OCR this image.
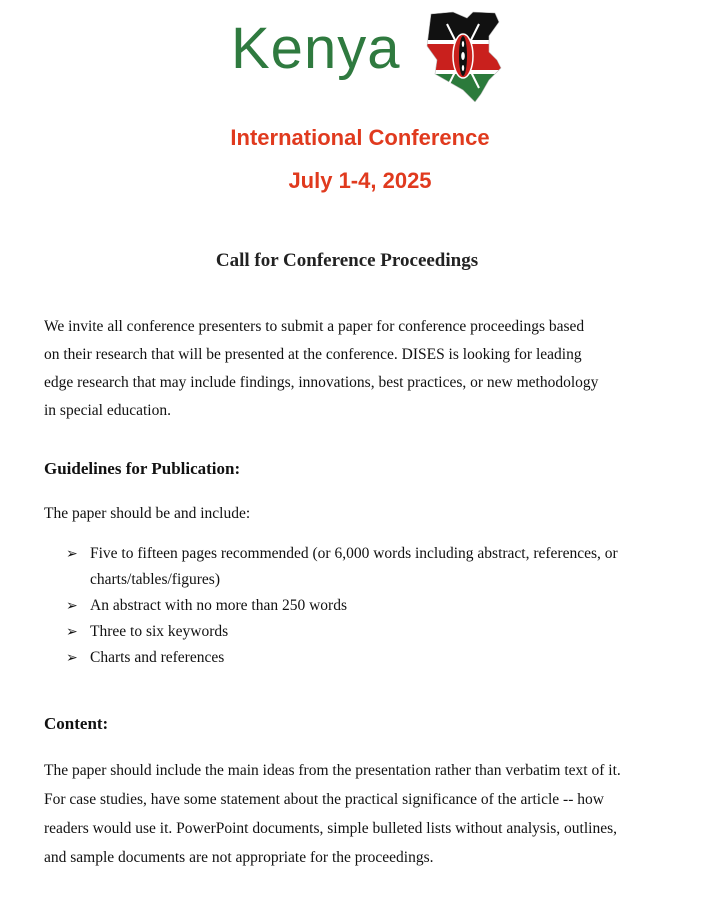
Kenya
International Conference
July 1-4, 2025
Call for Conference Proceedings
We invite all conference presenters to submit a paper for conference proceedings based
on their research that will be presented at the conference. DISES is looking for leading
edge research that may include findings, innovations, best practices, or new methodology
in special education.
Guidelines for Publication:
The paper should be and include:
➢ Five to fifteen pages recommended (or 6,000 words including abstract, references, or
charts/tables/figures)
➢ An abstract with no more than 250 words
➢ Three to six keywords
➢ Charts and references
Content:
The paper should include the main ideas from the presentation rather than verbatim text of it.
For case studies, have some statement about the practical significance of the article -- how
readers would use it. PowerPoint documents, simple bulleted lists without analysis, outlines,
and sample documents are not appropriate for the proceedings.
